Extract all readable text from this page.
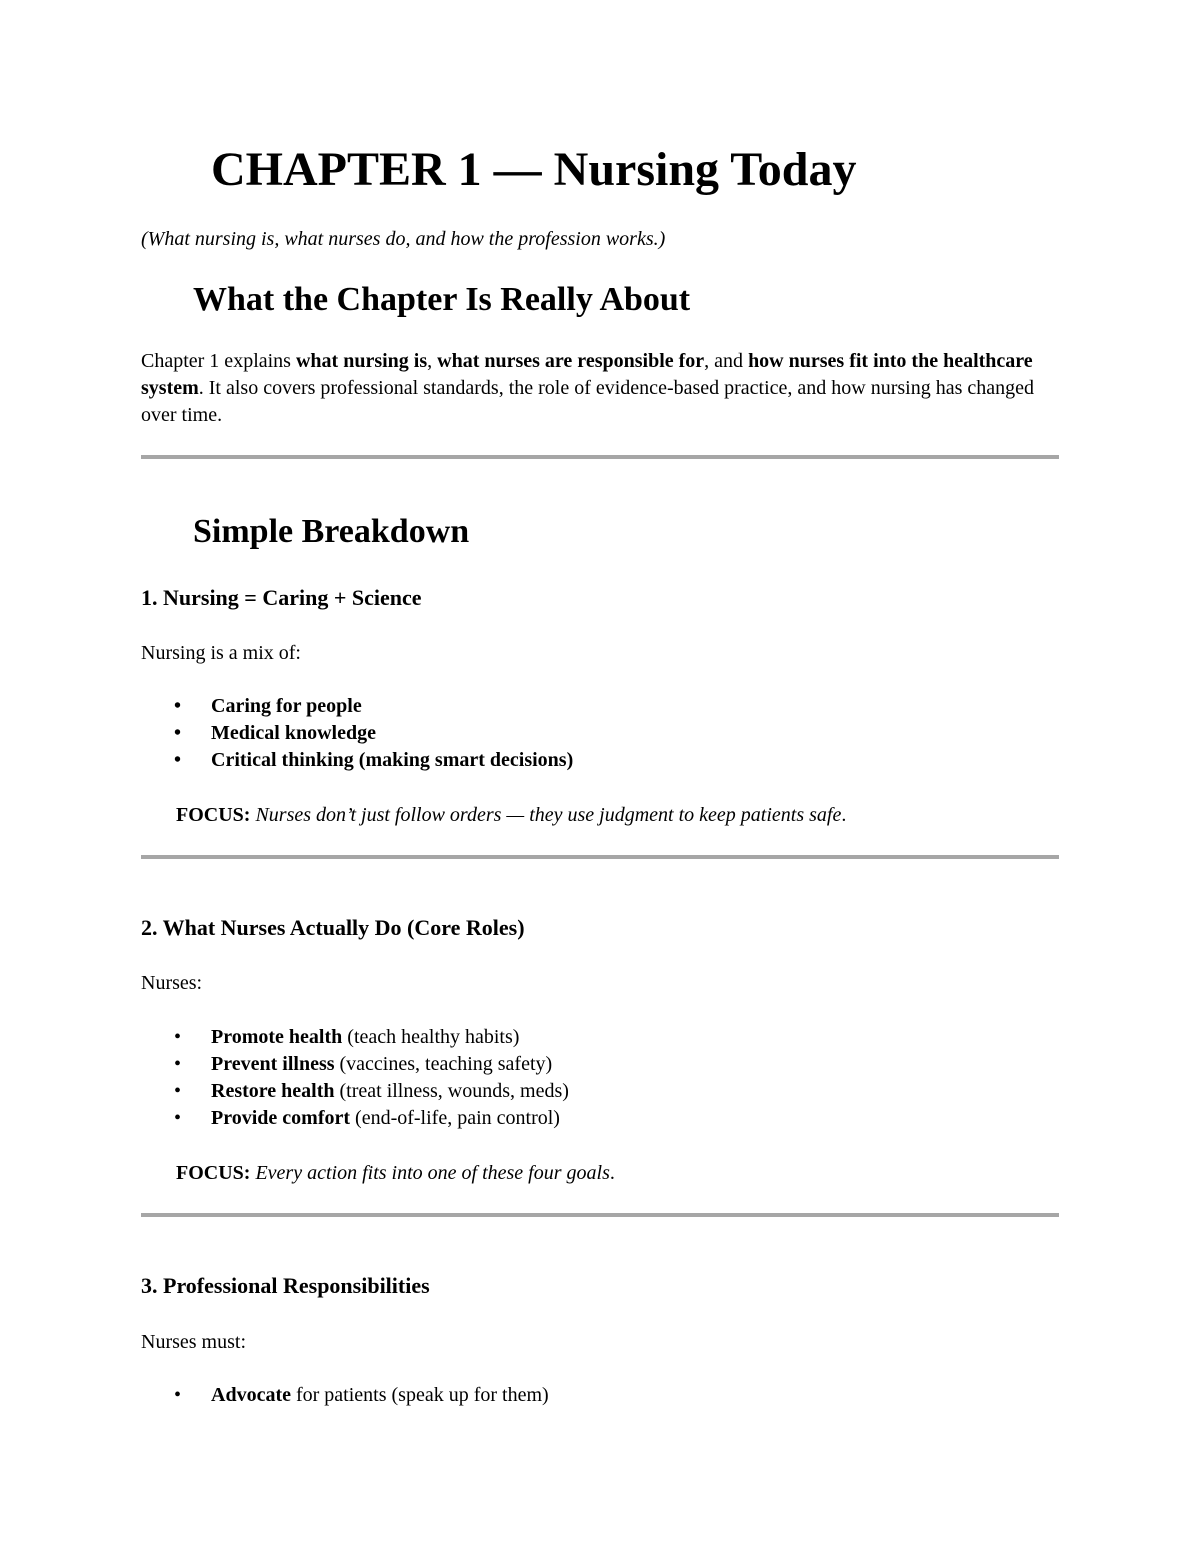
CHAPTER 1 — Nursing Today
(What nursing is, what nurses do, and how the profession works.)
What the Chapter Is Really About
Chapter 1 explains what nursing is, what nurses are responsible for, and how nurses fit into the healthcare system. It also covers professional standards, the role of evidence-based practice, and how nursing has changed over time.
Simple Breakdown
1. Nursing = Caring + Science
Nursing is a mix of:
• Caring for people
• Medical knowledge
• Critical thinking (making smart decisions)
FOCUS: Nurses don’t just follow orders — they use judgment to keep patients safe.
2. What Nurses Actually Do (Core Roles)
Nurses:
• Promote health (teach healthy habits)
• Prevent illness (vaccines, teaching safety)
• Restore health (treat illness, wounds, meds)
• Provide comfort (end-of-life, pain control)
FOCUS: Every action fits into one of these four goals.
3. Professional Responsibilities
Nurses must:
• Advocate for patients (speak up for them)
